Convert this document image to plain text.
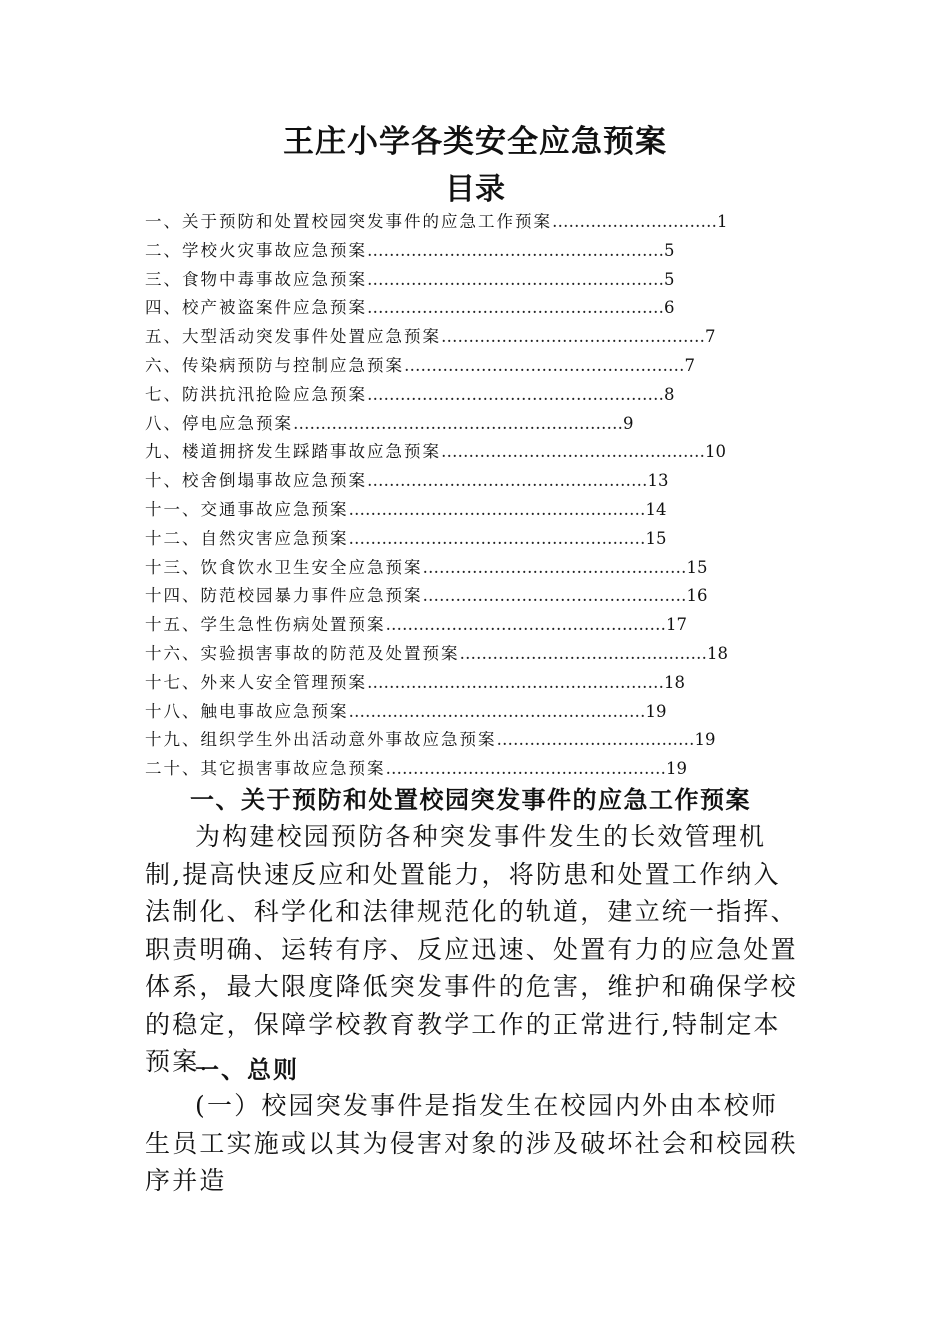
王庄小学各类安全应急预案
目录
一、关于预防和处置校园突发事件的应急工作预案 ………………………… 1
二、学校火灾事故应急预案 ……………………………………………… 5
三、食物中毒事故应急预案 ……………………………………………… 5
四、校产被盗案件应急预案 ……………………………………………… 6
五、大型活动突发事件处置应急预案 ………………………………………… 7
六、传染病预防与控制应急预案 …………………………………………… 7
七、防洪抗汛抢险应急预案 ……………………………………………… 8
八、停电应急预案 …………………………………………………… 9
九、楼道拥挤发生踩踏事故应急预案 ………………………………………… 10
十、校舍倒塌事故应急预案 …………………………………………… 13
十一、交通事故应急预案 ……………………………………………… 14
十二、自然灾害应急预案 ……………………………………………… 15
十三、饮食饮水卫生安全应急预案 ………………………………………… 15
十四、防范校园暴力事件应急预案 ………………………………………… 16
十五、学生急性伤病处置预案 …………………………………………… 17
十六、实验损害事故的防范及处置预案 ……………………………………… 18
十七、外来人安全管理预案 ……………………………………………… 18
十八、触电事故应急预案 ……………………………………………… 19
十九、组织学生外出活动意外事故应急预案 ……………………………… 19
二十、其它损害事故应急预案 …………………………………………… 19
一、关于预防和处置校园突发事件的应急工作预案

为构建校园预防各种突发事件发生的长效管理机制,提高快速反应和处置能力，将防患和处置工作纳入法制化、科学化和法律规范化的轨道，建立统一指挥、职责明确、运转有序、反应迅速、处置有力的应急处置体系，最大限度降低突发事件的危害，维护和确保学校的稳定，保障学校教育教学工作的正常进行,特制定本预案.

一、总则

(一）校园突发事件是指发生在校园内外由本校师生员工实施或以其为侵害对象的涉及破坏社会和校园秩序并造
